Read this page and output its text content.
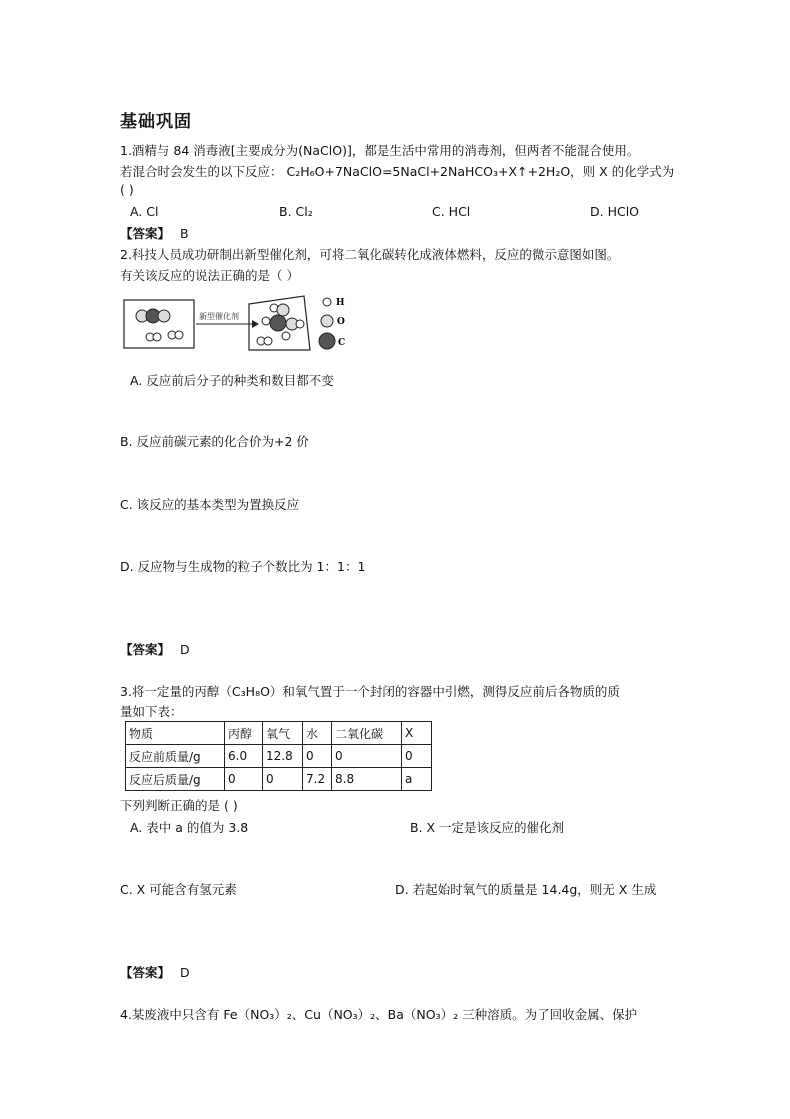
基础巩固
1.酒精与 84 消毒液[主要成分为(NaClO)]，都是生活中常用的消毒剂，但两者不能混合使用。
若混合时会发生的以下反应： C₂H₆O+7NaClO=5NaCl+2NaHCO₃+X↑+2H₂O，则 X 的化学式为
( )
A. Cl	B. Cl₂	C. HCl	D. HClO
【答案】 B
2.科技人员成功研制出新型催化剂，可将二氧化碳转化成液体燃料，反应的微示意图如图。
有关该反应的说法正确的是（ ）
新型催化剂
H
O
C
A. 反应前后分子的种类和数目都不变
B. 反应前碳元素的化合价为+2 价
C. 该反应的基本类型为置换反应
D. 反应物与生成物的粒子个数比为 1：1：1
【答案】 D
3.将一定量的丙醇（C₃H₈O）和氧气置于一个封闭的容器中引燃，测得反应前后各物质的质
量如下表：
物质	丙醇	氧气	水	二氧化碳	X
反应前质量/g	6.0	12.8	0	0	0
反应后质量/g	0	0	7.2	8.8	a
下列判断正确的是 ( )
A. 表中 a 的值为 3.8	B. X 一定是该反应的催化剂
C. X 可能含有氢元素	D. 若起始时氧气的质量是 14.4g，则无 X 生成
【答案】 D
4.某废液中只含有 Fe（NO₃）₂、Cu（NO₃）₂、Ba（NO₃）₂ 三种溶质。为了回收金属、保护
